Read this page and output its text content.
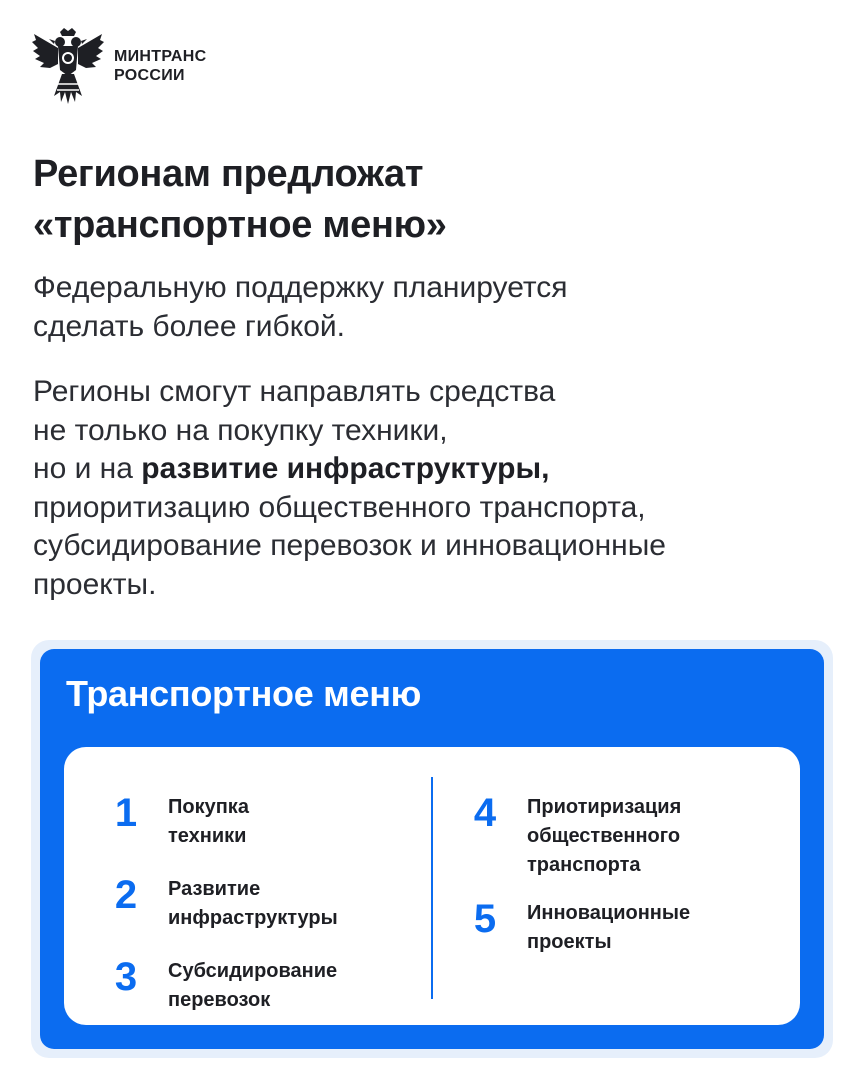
МИНТРАНС
РОССИИ
Регионам предложат
«транспортное меню»

Федеральную поддержку планируется
сделать более гибкой.

Регионы смогут направлять средства
не только на покупку техники,
но и на развитие инфраструктуры,
приоритизацию общественного транспорта,
субсидирование перевозок и инновационные
проекты.

Транспортное меню
1	Покупка
техники
2	Развитие
инфраструктуры
3	Субсидирование
перевозок
4	Приотиризация
общественного
транспорта
5	Инновационные
проекты
